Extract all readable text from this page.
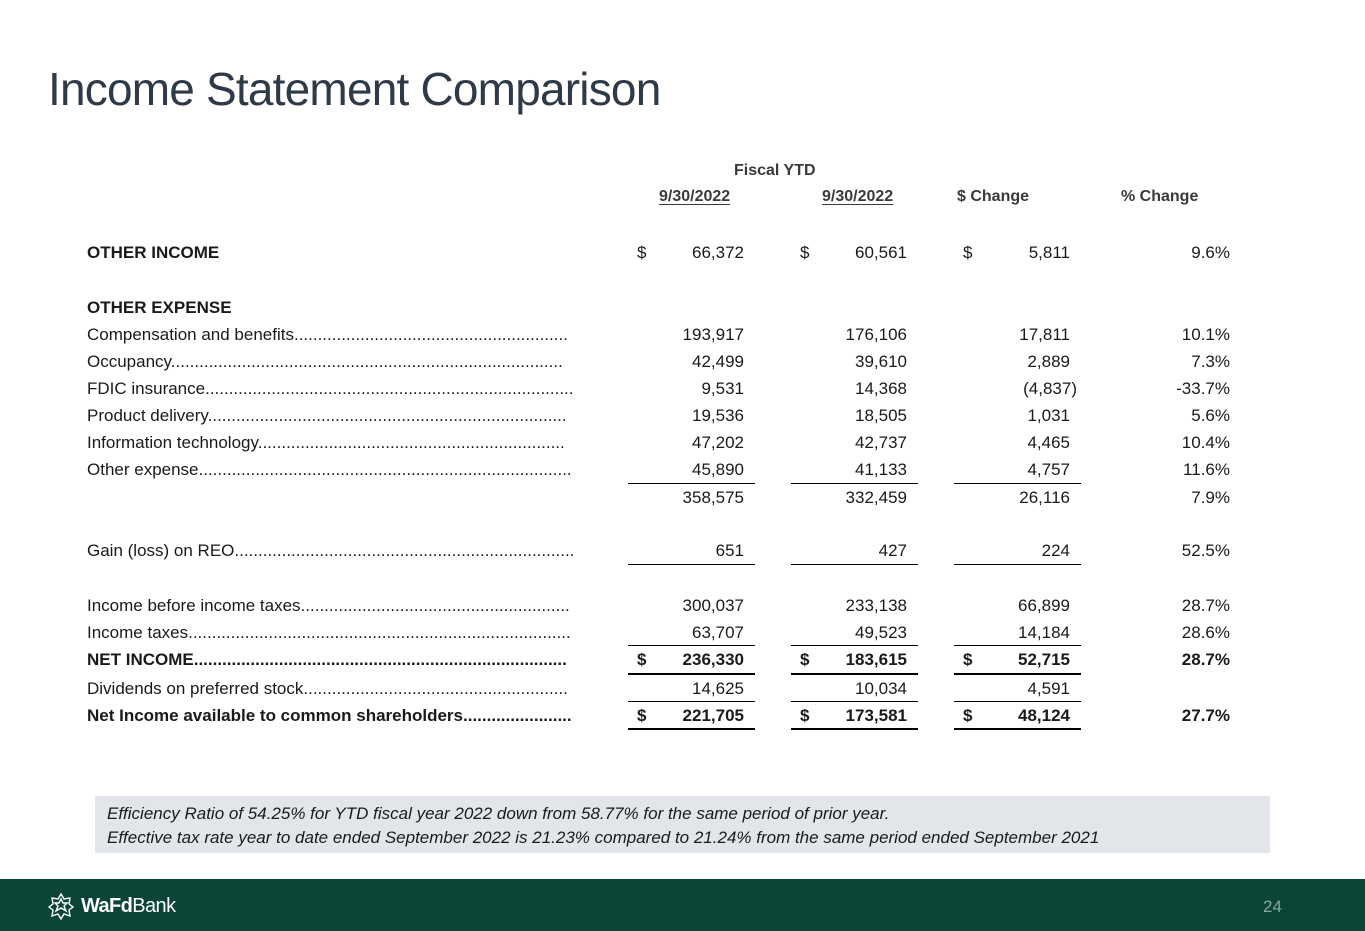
Income Statement Comparison
Fiscal YTD
9/30/2022	9/30/2022	$ Change	% Change
OTHER INCOME	$	66,372	$	60,561	$	5,811	9.6%
OTHER EXPENSE
Compensation and benefits..........................................................	193,917	176,106	17,811	10.1%
Occupancy...................................................................................	42,499	39,610	2,889	7.3%
FDIC insurance..............................................................................	9,531	14,368	(4,837)	-33.7%
Product delivery............................................................................	19,536	18,505	1,031	5.6%
Information technology.................................................................	47,202	42,737	4,465	10.4%
Other expense...............................................................................	45,890	41,133	4,757	11.6%
358,575	332,459	26,116	7.9%
Gain (loss) on REO........................................................................	651	427	224	52.5%
Income before income taxes.........................................................	300,037	233,138	66,899	28.7%
Income taxes.................................................................................	63,707	49,523	14,184	28.6%
NET INCOME...............................................................................	$	236,330	$	183,615	$	52,715	28.7%
Dividends on preferred stock........................................................	14,625	10,034	4,591
Net Income available to common shareholders.......................	$	221,705	$	173,581	$	48,124	27.7%
Efficiency Ratio of 54.25% for YTD fiscal year 2022 down from 58.77% for the same period of prior year.
Effective tax rate year to date ended September 2022 is 21.23% compared to 21.24% from the same period ended September 2021
WaFdBank	24
